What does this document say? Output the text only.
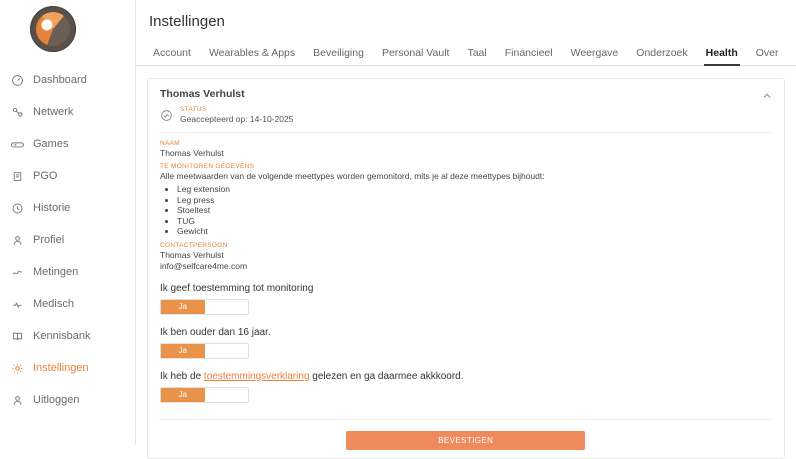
Dashboard
Netwerk
Games
PGO
Historie
Profiel
Metingen
Medisch
Kennisbank
Instellingen
Uitloggen
Instellingen
Account	Wearables & Apps	Beveiliging	Personal Vault	Taal	Financieel	Weergave	Onderzoek	Health	Over
Thomas Verhulst
STATUS
Geaccepteerd op: 14-10-2025
NAAM
Thomas Verhulst
TE MONITOREN GEGEVENS
Alle meetwaarden van de volgende meettypes worden gemonitord, mits je al deze meettypes bijhoudt:
• Leg extension
• Leg press
• Stoeltest
• TUG
• Gewicht
CONTACTPERSOON
Thomas Verhulst
info@selfcare4me.com
Ik geef toestemming tot monitoring
Ja
Ik ben ouder dan 16 jaar.
Ja
Ik heb de toestemmingsverklaring gelezen en ga daarmee akkkoord.
Ja
BEVESTIGEN
